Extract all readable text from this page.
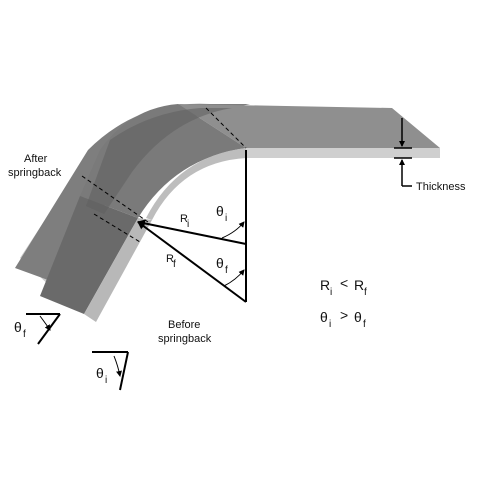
After
springback
Before
springback
Thickness
R i
R f
θ i
θ f
θ f
θ i
R i
< R f
θ i
> θ f
